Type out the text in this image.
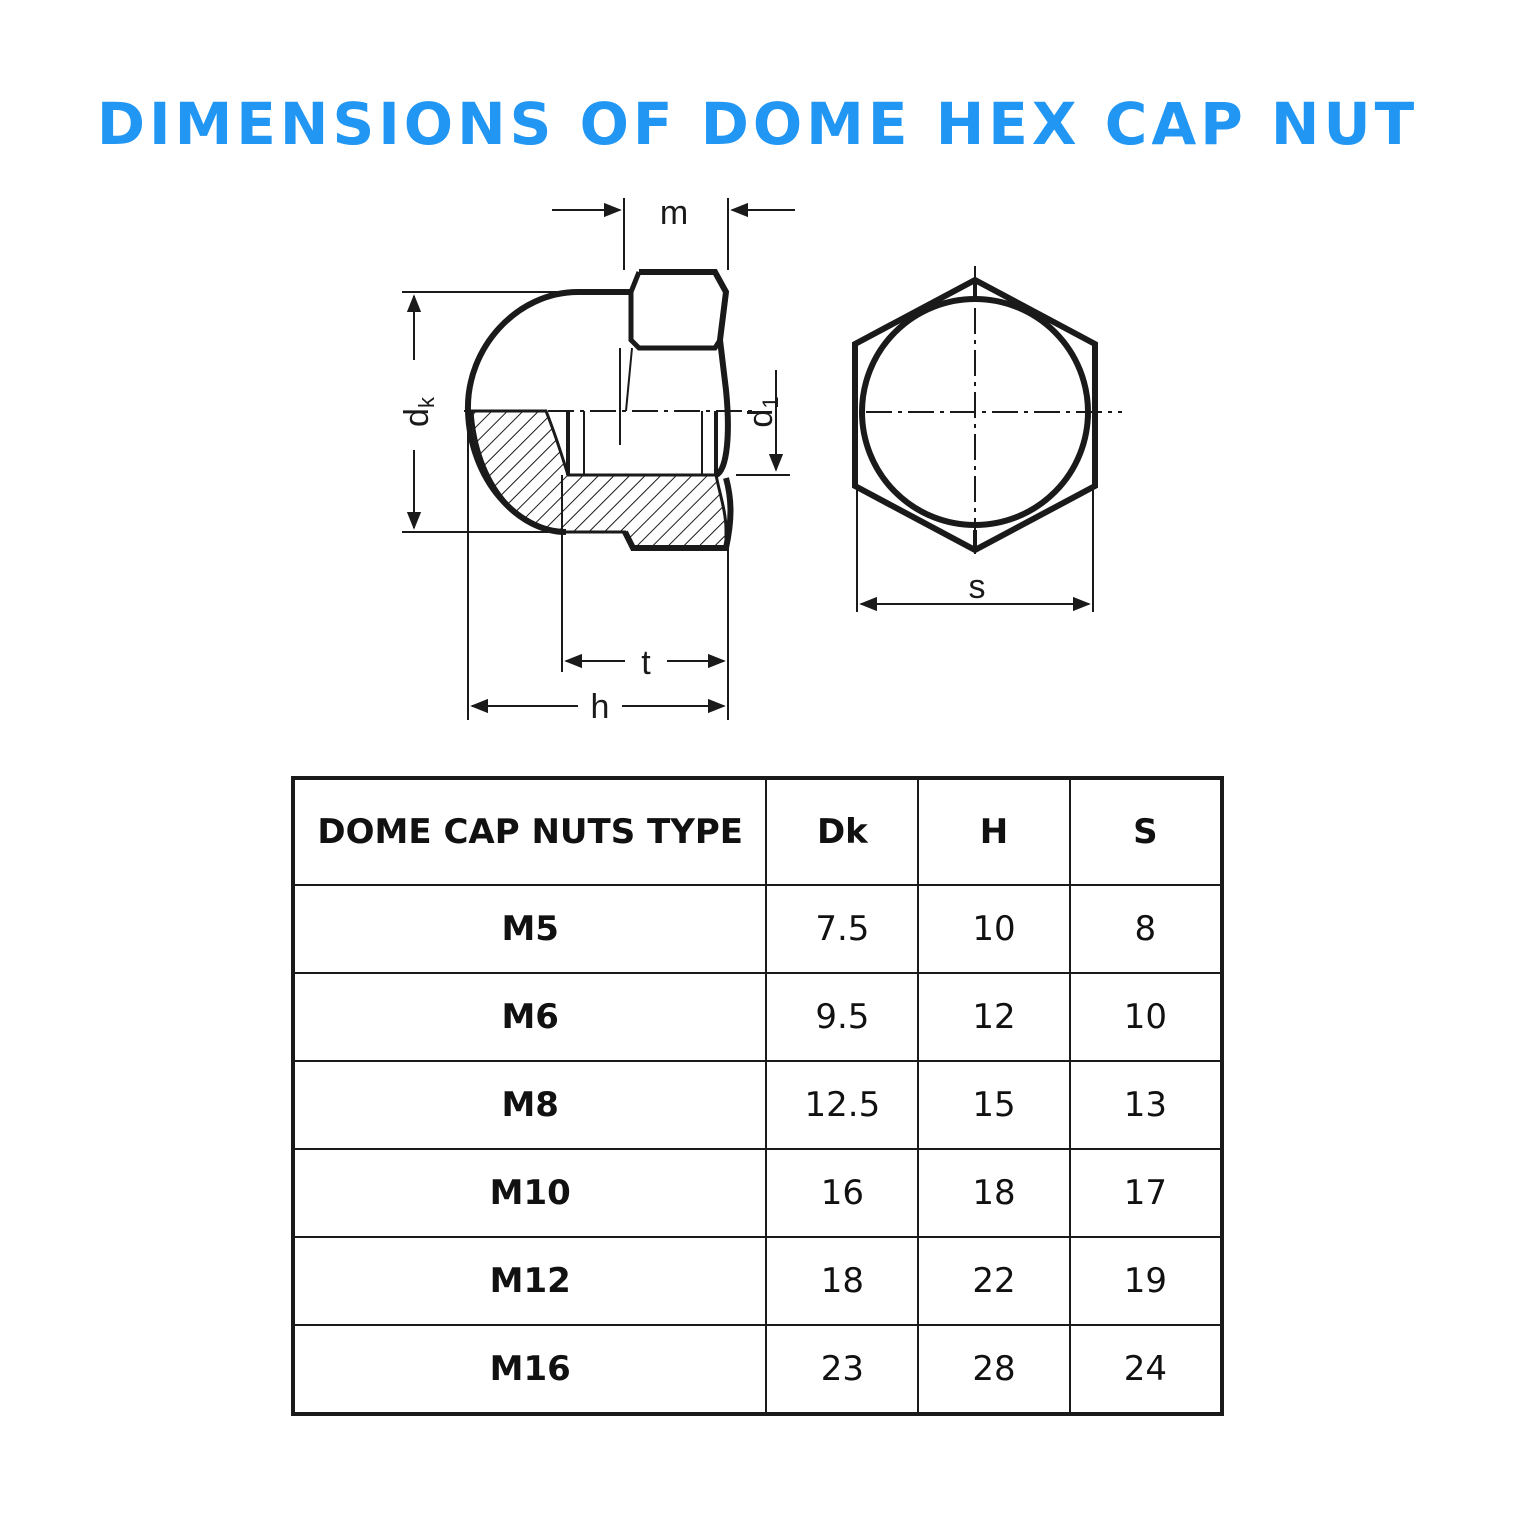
DIMENSIONS OF DOME HEX CAP NUT
m
dk
d1
t
h
s
DOME CAP NUTS TYPE	Dk	H	S
M5	7.5	10	8
M6	9.5	12	10
M8	12.5	15	13
M10	16	18	17
M12	18	22	19
M16	23	28	24
